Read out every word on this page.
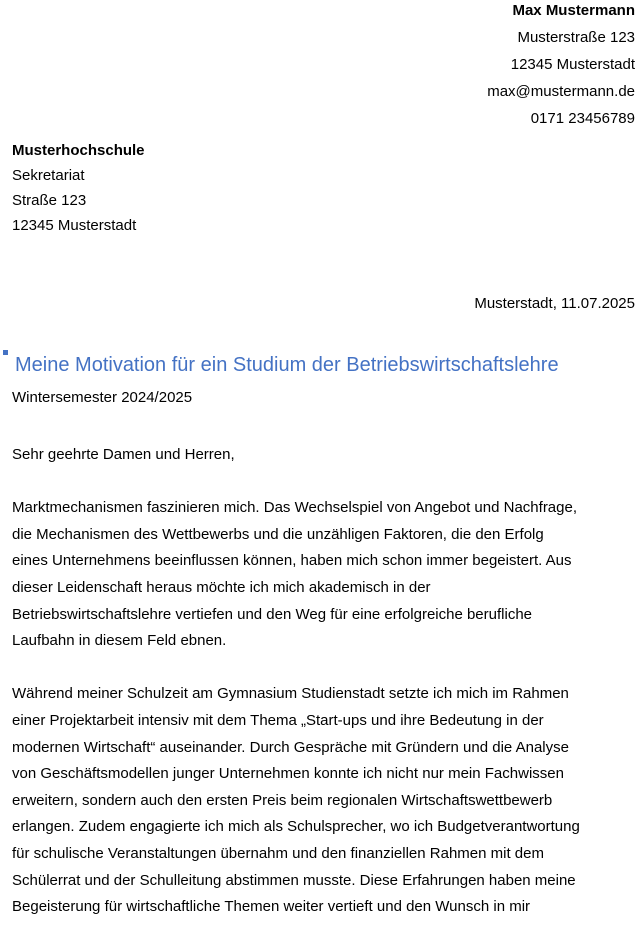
Max Mustermann
Musterstraße 123
12345 Musterstadt
max@mustermann.de
0171 23456789
Musterhochschule
Sekretariat
Straße 123
12345 Musterstadt
Musterstadt, 11.07.2025
Meine Motivation für ein Studium der Betriebswirtschaftslehre
Wintersemester 2024/2025

Sehr geehrte Damen und Herren,

Marktmechanismen faszinieren mich. Das Wechselspiel von Angebot und Nachfrage,
die Mechanismen des Wettbewerbs und die unzähligen Faktoren, die den Erfolg
eines Unternehmens beeinflussen können, haben mich schon immer begeistert. Aus
dieser Leidenschaft heraus möchte ich mich akademisch in der
Betriebswirtschaftslehre vertiefen und den Weg für eine erfolgreiche berufliche
Laufbahn in diesem Feld ebnen.

Während meiner Schulzeit am Gymnasium Studienstadt setzte ich mich im Rahmen
einer Projektarbeit intensiv mit dem Thema „Start-ups und ihre Bedeutung in der
modernen Wirtschaft“ auseinander. Durch Gespräche mit Gründern und die Analyse
von Geschäftsmodellen junger Unternehmen konnte ich nicht nur mein Fachwissen
erweitern, sondern auch den ersten Preis beim regionalen Wirtschaftswettbewerb
erlangen. Zudem engagierte ich mich als Schulsprecher, wo ich Budgetverantwortung
für schulische Veranstaltungen übernahm und den finanziellen Rahmen mit dem
Schülerrat und der Schulleitung abstimmen musste. Diese Erfahrungen haben meine
Begeisterung für wirtschaftliche Themen weiter vertieft und den Wunsch in mir
